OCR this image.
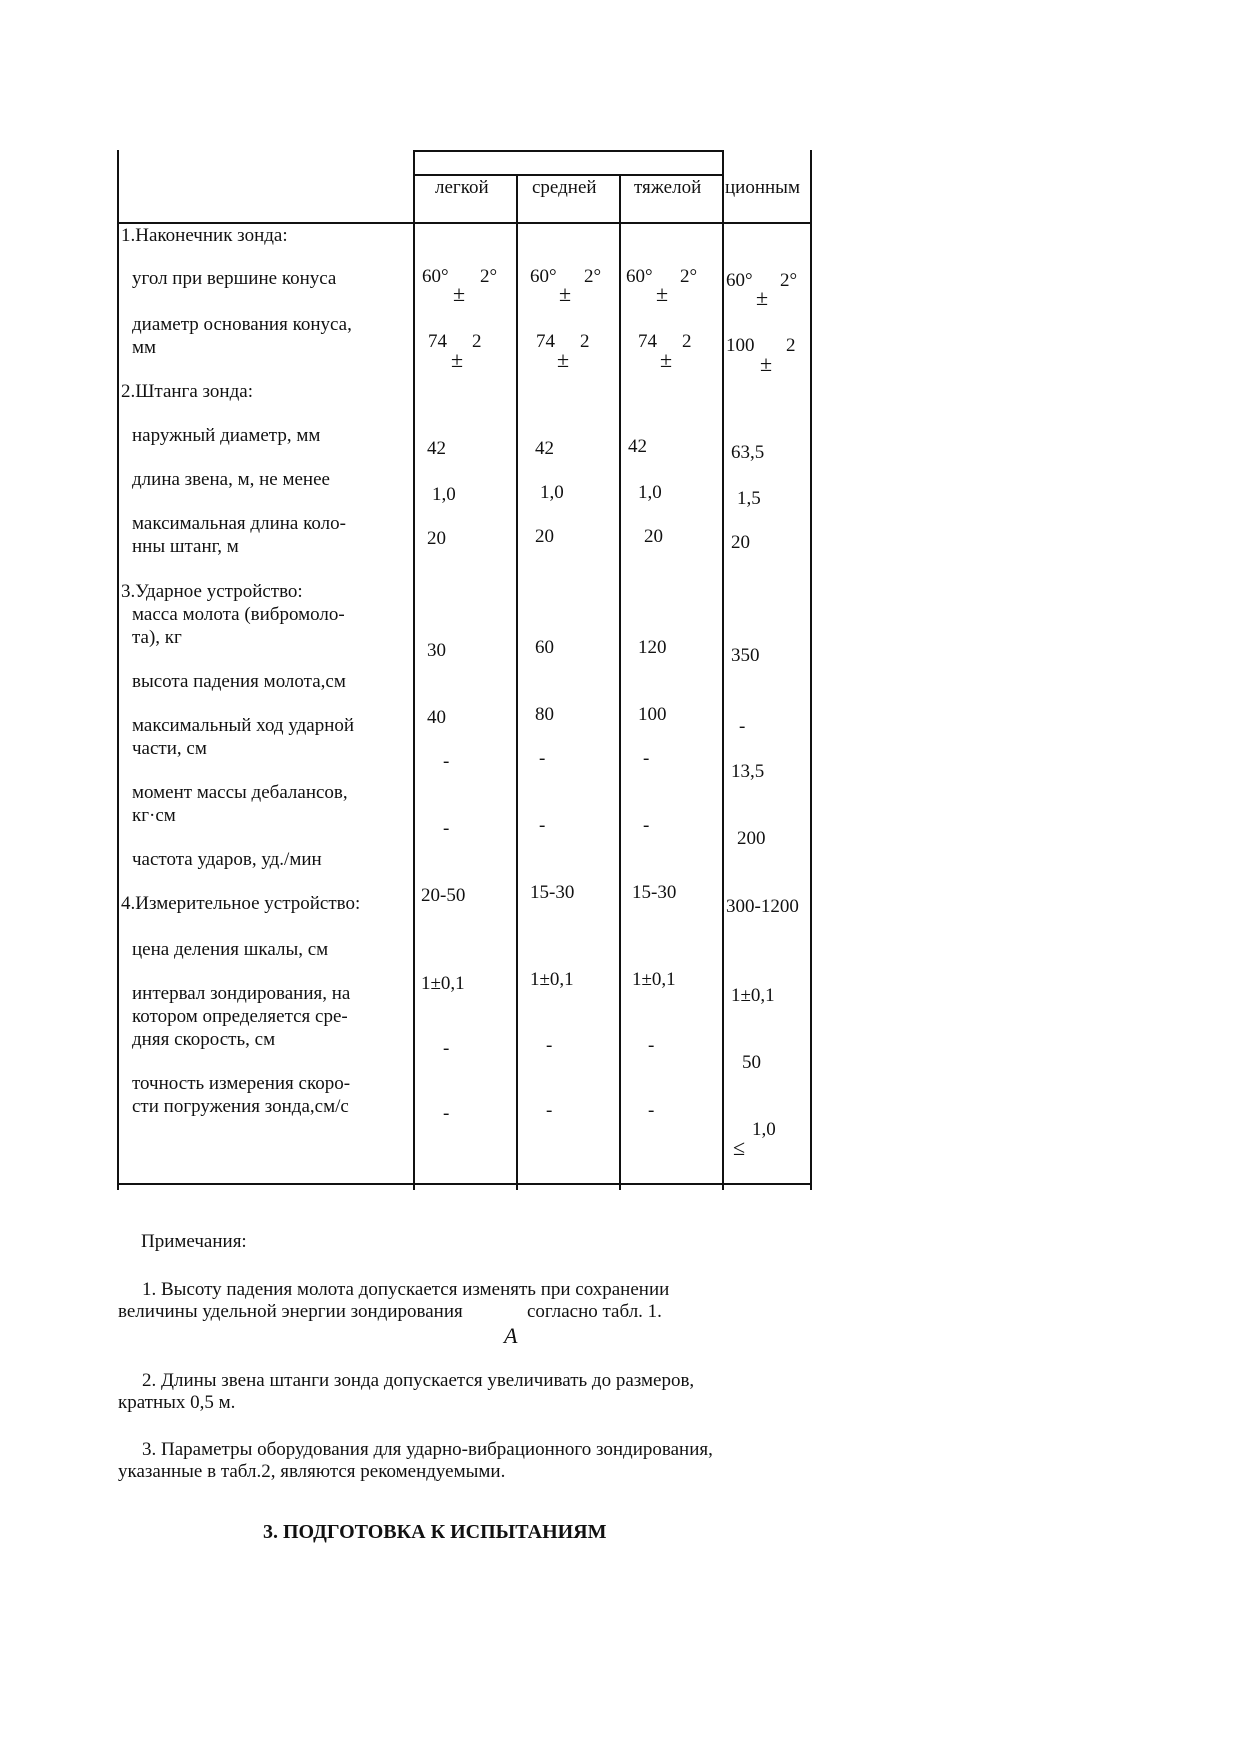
легкой средней тяжелой ционным
1.Наконечник зонда:
угол при вершине конуса
диаметр основания конуса,
мм
2.Штанга зонда:
наружный диаметр, мм
длина звена, м, не менее
максимальная длина коло-
нны штанг, м
3.Ударное устройство:
масса молота (вибромоло-
та), кг
высота падения молота,см
максимальный ход ударной
части, см
момент массы дебалансов,
кг·см
частота ударов, уд./мин
4.Измерительное устройство:
цена деления шкалы, см
интервал зондирования, на
котором определяется сре-
дняя скорость, см
точность измерения скоро-
сти погружения зонда,см/с
60° 2°
±
74 2
±
42
1,0
20
30
40
-
-
20-50
1±0,1
-
-
60° 2°
±
74 2
±
42
1,0
20
60
80
-
-
15-30
1±0,1
-
-
60° 2°
±
74 2
±
42
1,0
20
120
100
-
-
15-30
1±0,1
-
-
60° 2°
±
100 2
±
63,5
1,5
20
350
-
13,5
200
300-1200
1±0,1
50
1,0
≤
Примечания:
1. Высоту падения молота допускается изменять при сохранении
величины удельной энергии зондирования	согласно табл. 1.
A
2. Длины звена штанги зонда допускается увеличивать до размеров,
кратных 0,5 м.
3. Параметры оборудования для ударно-вибрационного зондирования,
указанные в табл.2, являются рекомендуемыми.
3. ПОДГОТОВКА К ИСПЫТАНИЯМ
